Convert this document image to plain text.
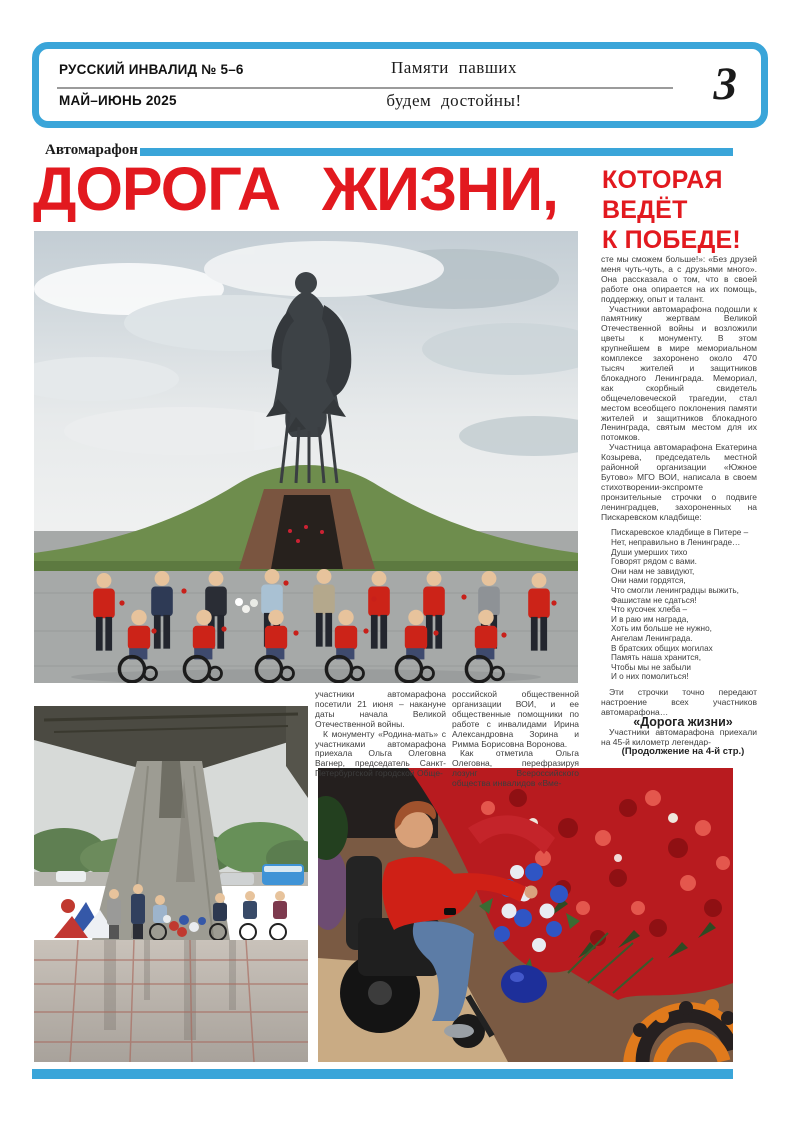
РУССКИЙ ИНВАЛИД № 5–6
МАЙ–ИЮНЬ 2025
Памяти павших
будем достойны!	3
Автомарафон
ДОРОГА ЖИЗНИ,	КОТОРАЯ
ВЕДЁТ
К ПОБЕДЕ!

участники автомарафона посетили 21 июня – накануне даты начала Великой Отечественной войны.

К монументу «Родина-мать» с участниками автомарафона приехала Ольга Олеговна Вагнер, председатель Санкт-Петербургской городской Обще-

российской общественной организации ВОИ, и ее общественные помощники по работе с инвалидами Ирина Александровна Зорина и Римма Борисовна Воронова.

Как отметила Ольга Олеговна, перефразируя лозунг Всероссийского общества инвалидов «Вме-

сте мы сможем больше!»: «Без друзей меня чуть-чуть, а с друзьями много». Она рассказала о том, что в своей работе она опирается на их помощь, поддержку, опыт и талант.

Участники автомарафона подошли к памятнику жертвам Великой Отечественной войны и возложили цветы к монументу. В этом крупнейшем в мире мемориальном комплексе захоронено около 470 тысяч жителей и защитников блокадного Ленинграда. Мемориал, как скорбный свидетель общечеловеческой трагедии, стал местом всеобщего поклонения памяти жителей и защитников блокадного Ленинграда, святым местом для их потомков.

Участница автомарафона Екатерина Козырева, председатель местной районной организации «Южное Бутово» МГО ВОИ, написала в своем стихотворении-экспромте пронзительные строчки о подвиге ленинградцев, захороненных на Пискаревском кладбище:

Пискаревское кладбище в Питере –
Нет, неправильно в Ленинграде…
Души умерших тихо
Говорят рядом с вами.
Они нам не завидуют,
Они нами гордятся,
Что смогли ленинградцы выжить,
Фашистам не сдаться!
Что кусочек хлеба –
И в раю им награда,
Хоть им больше не нужно,
Ангелам Ленинграда.
В братских общих могилах
Память наша хранится,
Чтобы мы не забыли
И о них помолиться!

Эти строчки точно передают настроение всех участников автомарафона…

«Дорога жизни»

Участники автомарафона приехали на 45-й километр легендар-

(Продолжение на 4-й стр.)
